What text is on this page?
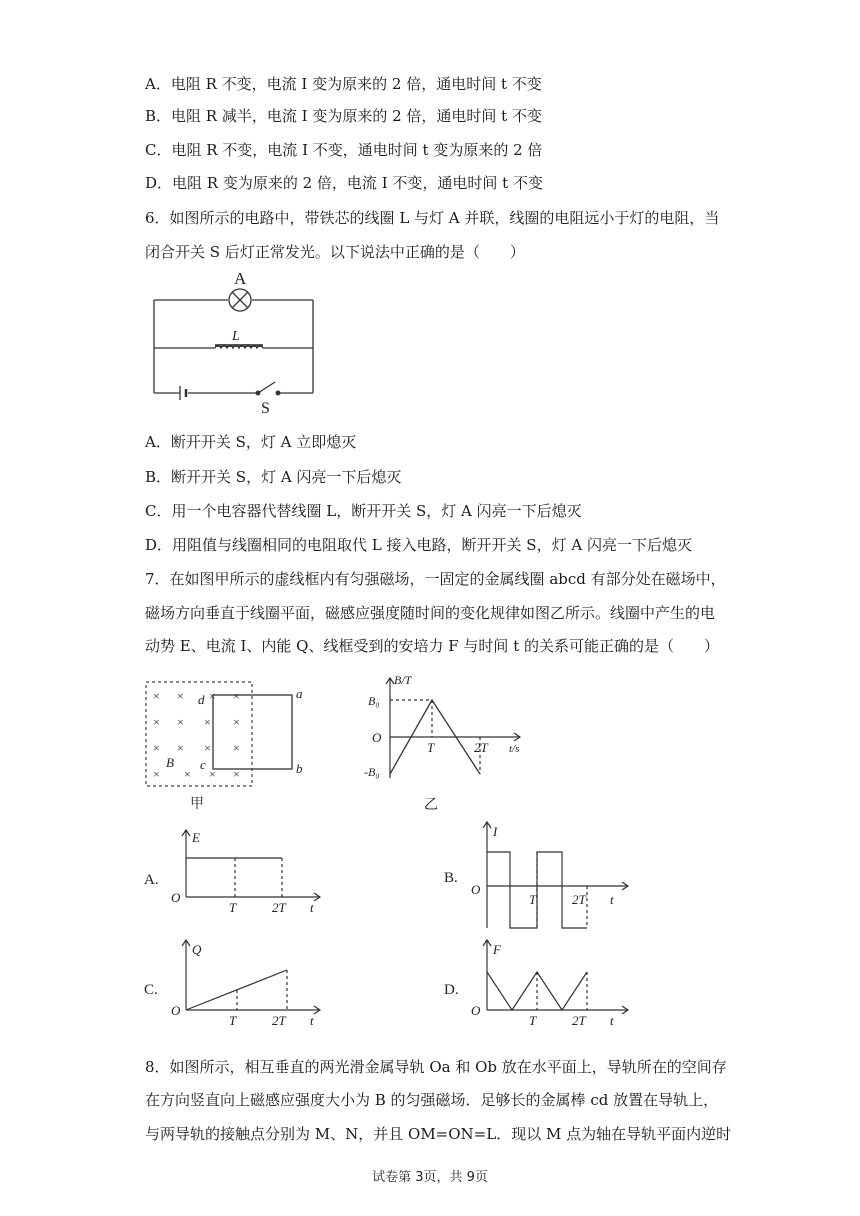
A．电阻 R 不变，电流 I 变为原来的 2 倍，通电时间 t 不变
B．电阻 R 减半，电流 I 变为原来的 2 倍，通电时间 t 不变
C．电阻 R 不变，电流 I 不变，通电时间 t 变为原来的 2 倍
D．电阻 R 变为原来的 2 倍，电流 I 不变，通电时间 t 不变
6．如图所示的电路中，带铁芯的线圈 L 与灯 A 并联，线圈的电阻远小于灯的电阻，当
闭合开关 S 后灯正常发光。以下说法中正确的是（　　）
A
L
S
A．断开开关 S，灯 A 立即熄灭
B．断开开关 S，灯 A 闪亮一下后熄灭
C．用一个电容器代替线圈 L，断开开关 S，灯 A 闪亮一下后熄灭
D．用阻值与线圈相同的电阻取代 L 接入电路，断开开关 S，灯 A 闪亮一下后熄灭
7．在如图甲所示的虚线框内有匀强磁场，一固定的金属线圈 abcd 有部分处在磁场中，
磁场方向垂直于线圈平面，磁感应强度随时间的变化规律如图乙所示。线圈中产生的电
动势 E、电流 I、内能 Q、线框受到的安培力 F 与时间 t 的关系可能正确的是（　　）
× × × ×
× × × ×
× × × ×
× × × ×
d	a
c	b
B
甲
B/T
B₀
O
-B₀
T	2T t/s
乙
A.
E
O
T	2T t
B.
I
O
T	2T t
C.
Q
O
T	2T t
D.
F
O
T	2T t
8．如图所示，相互垂直的两光滑金属导轨 Oa 和 Ob 放在水平面上，导轨所在的空间存
在方向竖直向上磁感应强度大小为 B 的匀强磁场．足够长的金属棒 cd 放置在导轨上，
与两导轨的接触点分别为 M、N，并且 OM=ON=L．现以 M 点为轴在导轨平面内逆时
试卷第 3页，共 9页
